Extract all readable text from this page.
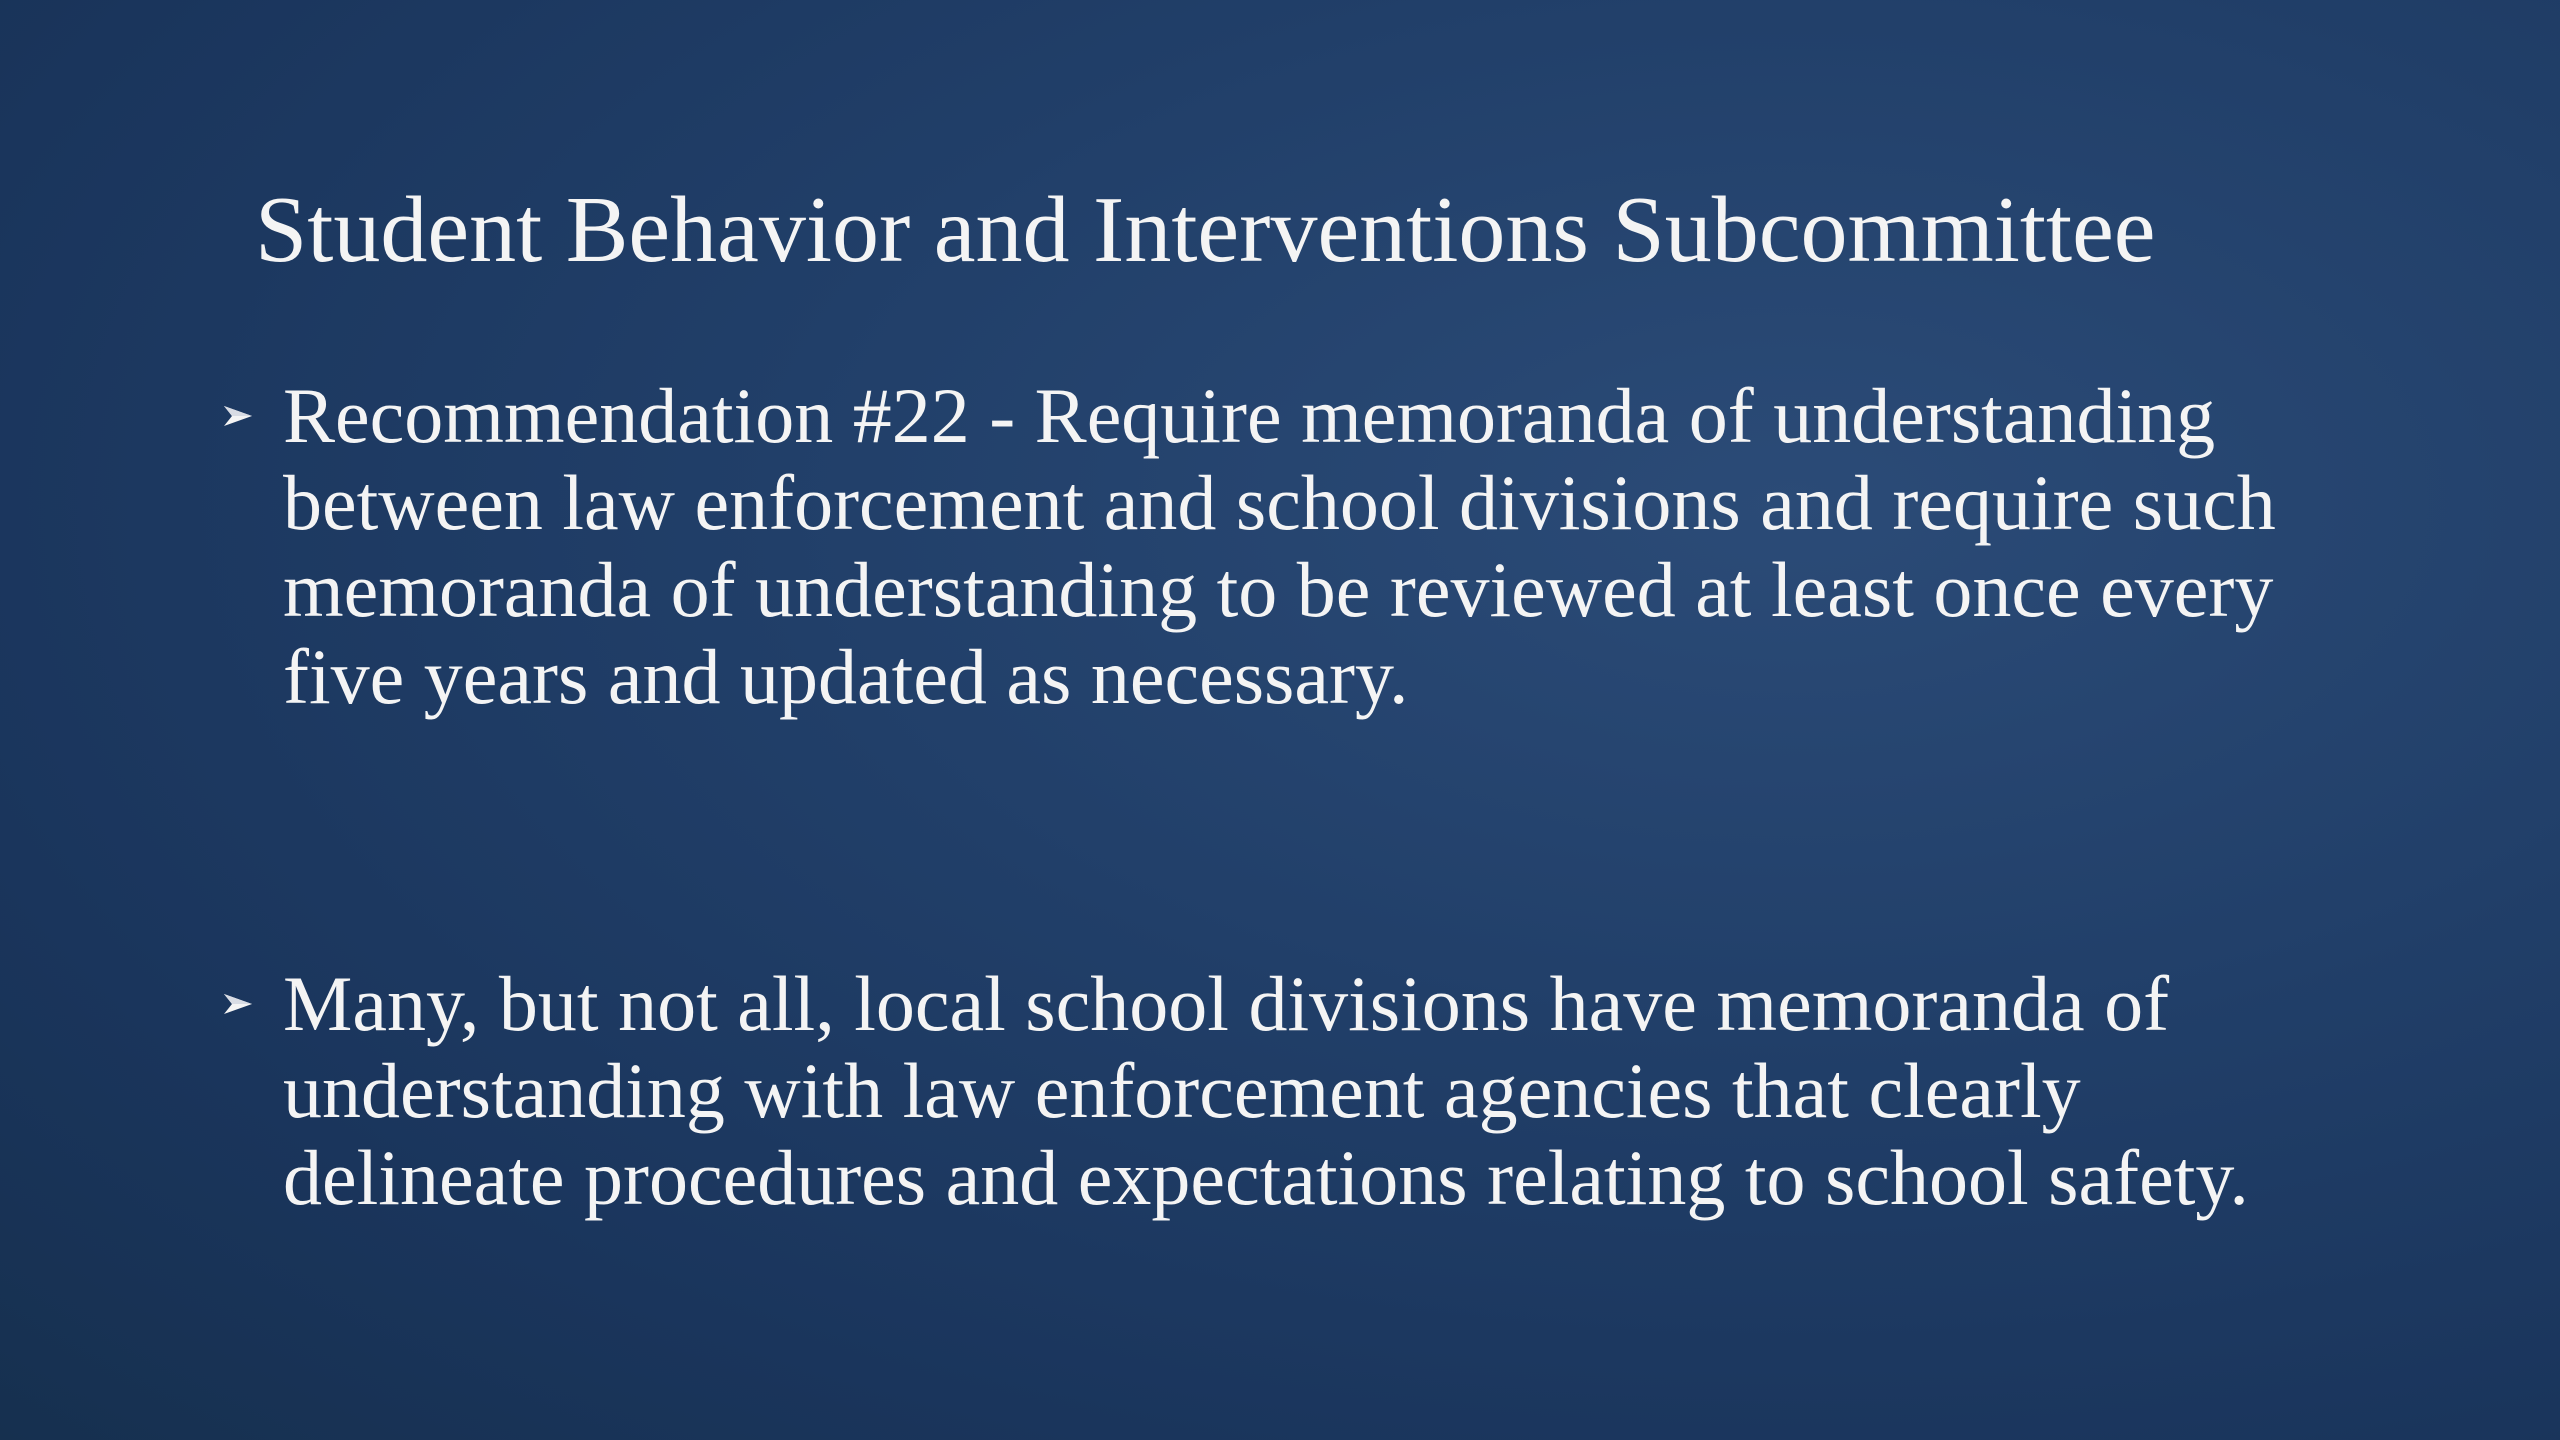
Student Behavior and Interventions Subcommittee
Recommendation #22 - Require memoranda of understanding between law enforcement and school divisions and require such memoranda of understanding to be reviewed at least once every five years and updated as necessary.
Many, but not all, local school divisions have memoranda of understanding with law enforcement agencies that clearly delineate procedures and expectations relating to school safety.
